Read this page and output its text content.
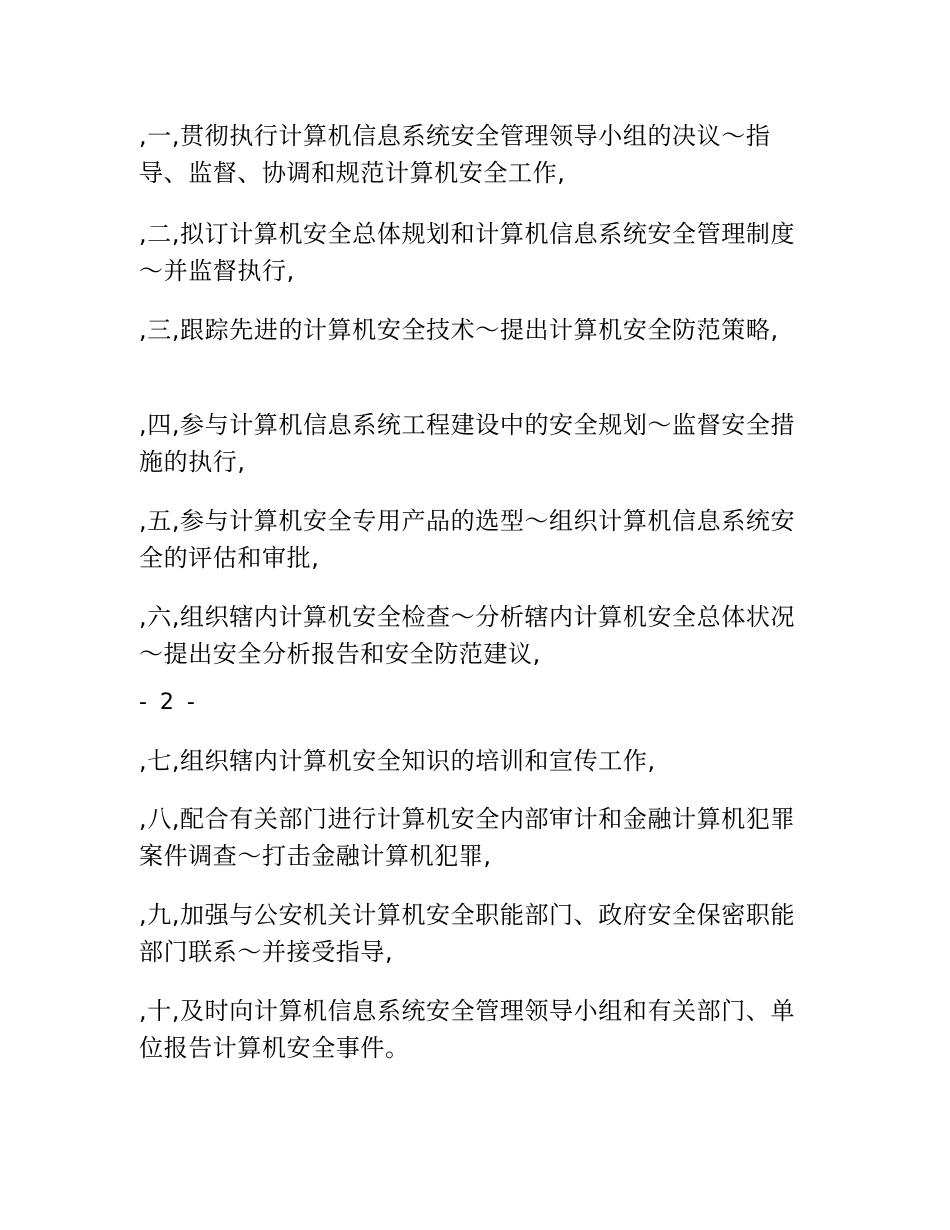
,一,贯彻执行计算机信息系统安全管理领导小组的决议～指导、监督、协调和规范计算机安全工作,

,二,拟订计算机安全总体规划和计算机信息系统安全管理制度～并监督执行,

,三,跟踪先进的计算机安全技术～提出计算机安全防范策略,

,四,参与计算机信息系统工程建设中的安全规划～监督安全措施的执行,

,五,参与计算机安全专用产品的选型～组织计算机信息系统安全的评估和审批,

,六,组织辖内计算机安全检查～分析辖内计算机安全总体状况～提出安全分析报告和安全防范建议,

- 2 -

,七,组织辖内计算机安全知识的培训和宣传工作,

,八,配合有关部门进行计算机安全内部审计和金融计算机犯罪案件调查～打击金融计算机犯罪,

,九,加强与公安机关计算机安全职能部门、政府安全保密职能部门联系～并接受指导,

,十,及时向计算机信息系统安全管理领导小组和有关部门、单位报告计算机安全事件。
